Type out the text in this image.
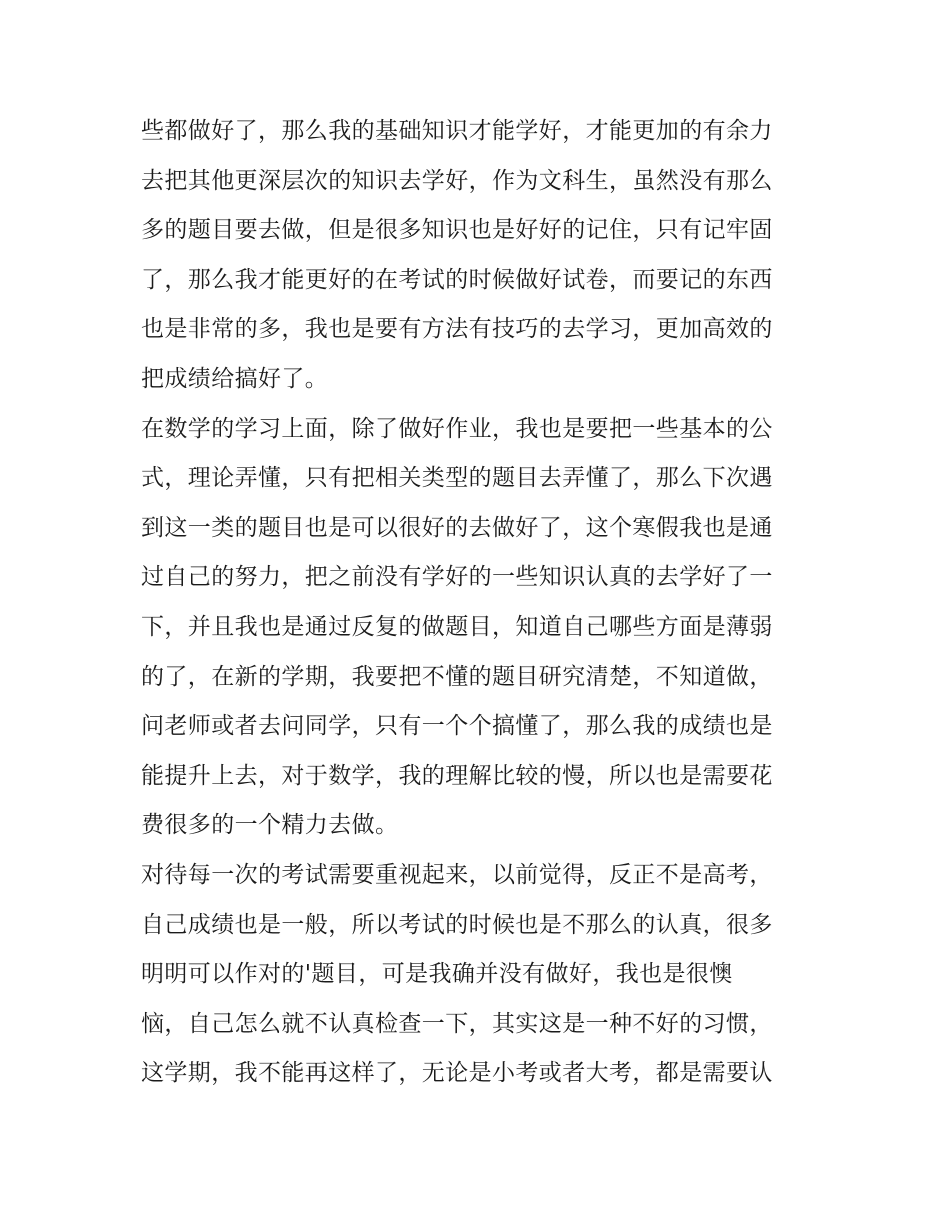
些都做好了，那么我的基础知识才能学好，才能更加的有余力
去把其他更深层次的知识去学好，作为文科生，虽然没有那么
多的题目要去做，但是很多知识也是好好的记住，只有记牢固
了，那么我才能更好的在考试的时候做好试卷，而要记的东西
也是非常的多，我也是要有方法有技巧的去学习，更加高效的
把成绩给搞好了。
在数学的学习上面，除了做好作业，我也是要把一些基本的公
式，理论弄懂，只有把相关类型的题目去弄懂了，那么下次遇
到这一类的题目也是可以很好的去做好了，这个寒假我也是通
过自己的努力，把之前没有学好的一些知识认真的去学好了一
下，并且我也是通过反复的做题目，知道自己哪些方面是薄弱
的了，在新的学期，我要把不懂的题目研究清楚，不知道做，
问老师或者去问同学，只有一个个搞懂了，那么我的成绩也是
能提升上去，对于数学，我的理解比较的慢，所以也是需要花
费很多的一个精力去做。
对待每一次的考试需要重视起来，以前觉得，反正不是高考，
自己成绩也是一般，所以考试的时候也是不那么的认真，很多
明明可以作对的'题目，可是我确并没有做好，我也是很懊
恼，自己怎么就不认真检查一下，其实这是一种不好的习惯，
这学期，我不能再这样了，无论是小考或者大考，都是需要认
